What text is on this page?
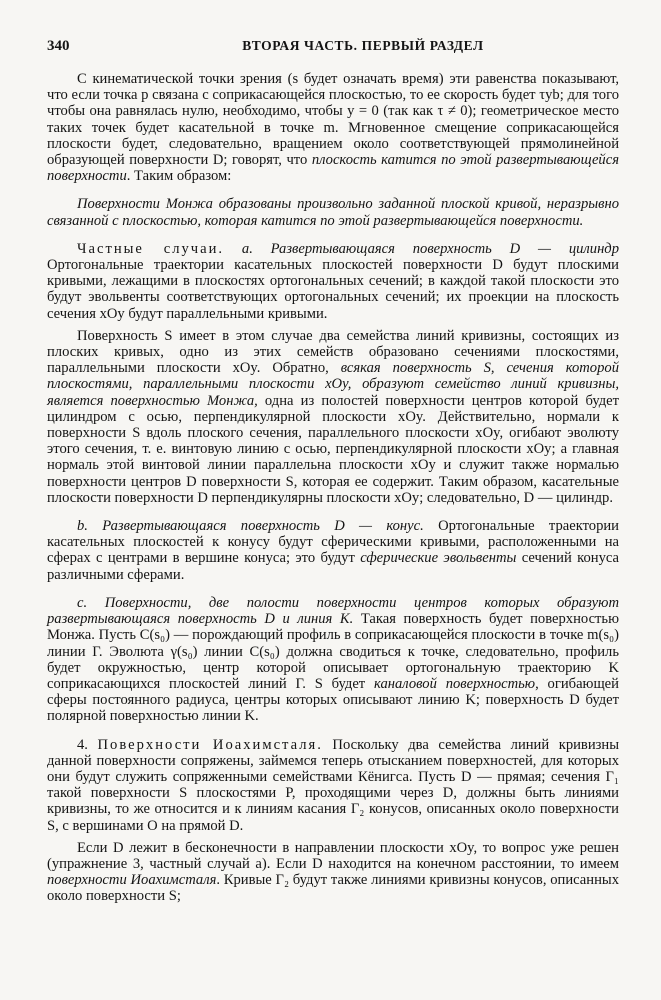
340	ВТОРАЯ ЧАСТЬ. ПЕРВЫЙ РАЗДЕЛ

С кинематической точки зрения (s будет означать время) эти равенства показывают, что если точка p связана с соприкасающейся плоскостью, то ее скорость будет τyb; для того чтобы она равнялась нулю, необходимо, чтобы y = 0 (так как τ ≠ 0); геометрическое место таких точек будет касательной в точке m. Мгновенное смещение соприкасающейся плоскости будет, следовательно, вращением около соответствующей прямолинейной образующей поверхности D; говорят, что плоскость катится по этой развертывающейся поверхности. Таким образом:

Поверхности Монжа образованы произвольно заданной плоской кривой, неразрывно связанной с плоскостью, которая катится по этой развертывающейся поверхности.

Частные случаи. a. Развертывающаяся поверхность D — цилиндр Ортогональные траектории касательных плоскостей поверхности D будут плоскими кривыми, лежащими в плоскостях ортогональных сечений; в каждой такой плоскости это будут эвольвенты соответствующих ортогональных сечений; их проекции на плоскость сечения xOy будут параллельными кривыми.

Поверхность S имеет в этом случае два семейства линий кривизны, состоящих из плоских кривых, одно из этих семейств образовано сечениями плоскостями, параллельными плоскости xOy. Обратно, всякая поверхность S, сечения которой плоскостями, параллельными плоскости xOy, образуют семейство линий кривизны, является поверхностью Монжа, одна из полостей поверхности центров которой будет цилиндром с осью, перпендикулярной плоскости xOy. Действительно, нормали к поверхности S вдоль плоского сечения, параллельного плоскости xOy, огибают эволюту этого сечения, т. е. винтовую линию с осью, перпендикулярной плоскости xOy; а главная нормаль этой винтовой линии параллельна плоскости xOy и служит также нормалью поверхности центров D поверхности S, которая ее содержит. Таким образом, касательные плоскости поверхности D перпендикулярны плоскости xOy; следовательно, D — цилиндр.

b. Развертывающаяся поверхность D — конус. Ортогональные траектории касательных плоскостей к конусу будут сферическими кривыми, расположенными на сферах с центрами в вершине конуса; это будут сферические эвольвенты сечений конуса различными сферами.

c. Поверхности, две полости поверхности центров которых образуют развертывающаяся поверхность D и линия K. Такая поверхность будет поверхностью Монжа. Пусть C(s₀) — порождающий профиль в соприкасающейся плоскости в точке m(s₀) линии Γ. Эволюта γ(s₀) линии C(s₀) должна сводиться к точке, следовательно, профиль будет окружностью, центр которой описывает ортогональную траекторию K соприкасающихся плоскостей линий Γ. S будет каналовой поверхностью, огибающей сферы постоянного радиуса, центры которых описывают линию K; поверхность D будет полярной поверхностью линии K.

4. Поверхности Иоахимсталя. Поскольку два семейства линий кривизны данной поверхности сопряжены, займемся теперь отысканием поверхностей, для которых они будут служить сопряженными семействами Кёнигса. Пусть D — прямая; сечения Γ₁ такой поверхности S плоскостями P, проходящими через D, должны быть линиями кривизны, то же относится и к линиям касания Γ₂ конусов, описанных около поверхности S, с вершинами O на прямой D.

Если D лежит в бесконечности в направлении плоскости xOy, то вопрос уже решен (упражнение 3, частный случай a). Если D находится на конечном расстоянии, то имеем поверхности Иоахимсталя. Кривые Γ₂ будут также линиями кривизны конусов, описанных около поверхности S;
